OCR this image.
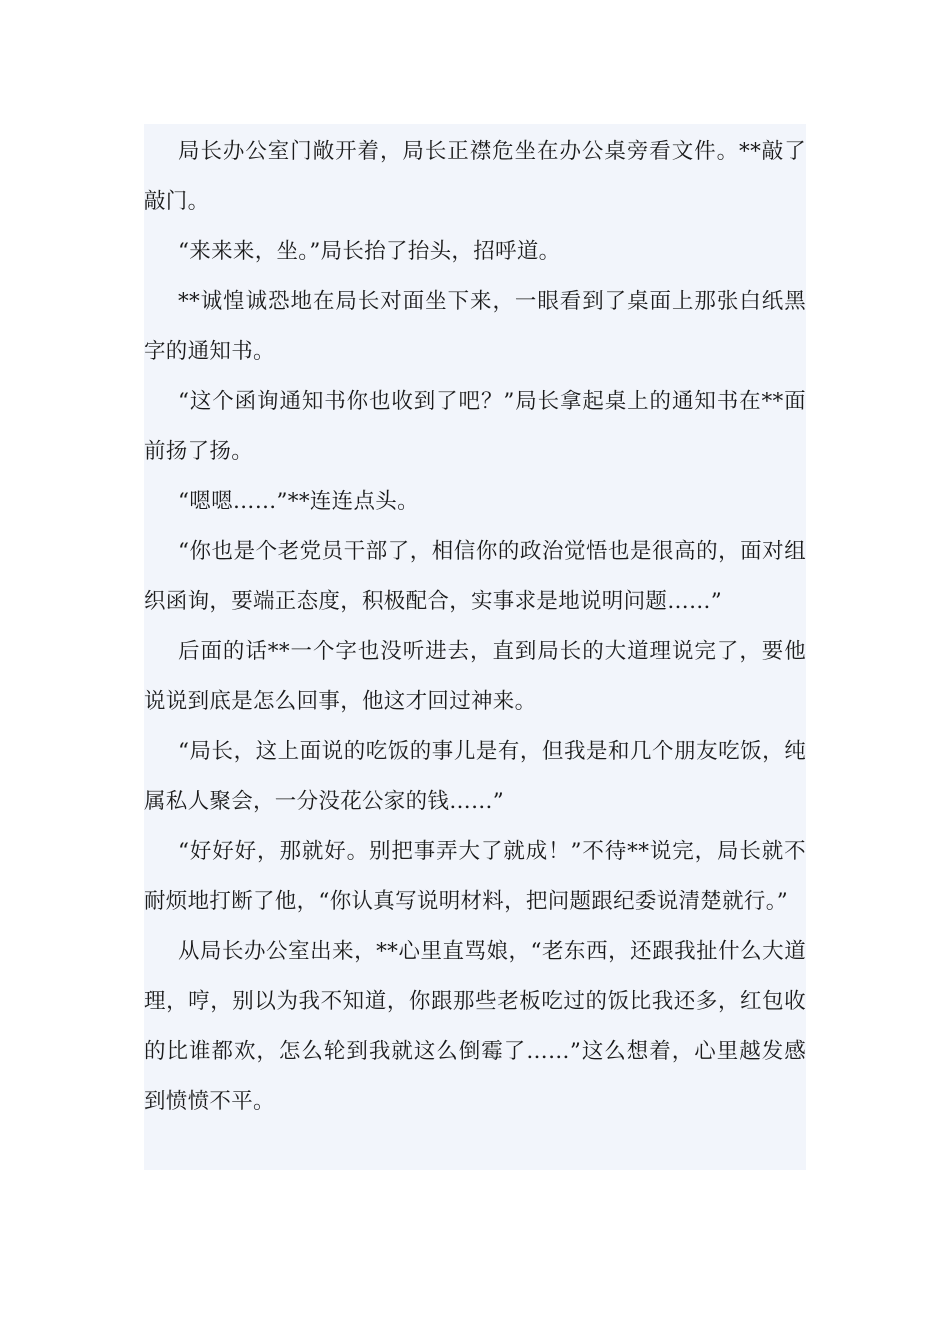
局长办公室门敞开着，局长正襟危坐在办公桌旁看文件。**敲了敲门。

“来来来，坐。”局长抬了抬头，招呼道。

**诚惶诚恐地在局长对面坐下来，一眼看到了桌面上那张白纸黑字的通知书。

“这个函询通知书你也收到了吧？”局长拿起桌上的通知书在**面前扬了扬。

“嗯嗯……”**连连点头。

“你也是个老党员干部了，相信你的政治觉悟也是很高的，面对组织函询，要端正态度，积极配合，实事求是地说明问题……”

后面的话**一个字也没听进去，直到局长的大道理说完了，要他说说到底是怎么回事，他这才回过神来。

“局长，这上面说的吃饭的事儿是有，但我是和几个朋友吃饭，纯属私人聚会，一分没花公家的钱……”

“好好好，那就好。别把事弄大了就成！”不待**说完，局长就不耐烦地打断了他，“你认真写说明材料，把问题跟纪委说清楚就行。”

从局长办公室出来，**心里直骂娘，“老东西，还跟我扯什么大道理，哼，别以为我不知道，你跟那些老板吃过的饭比我还多，红包收的比谁都欢，怎么轮到我就这么倒霉了……”这么想着，心里越发感到愤愤不平。
